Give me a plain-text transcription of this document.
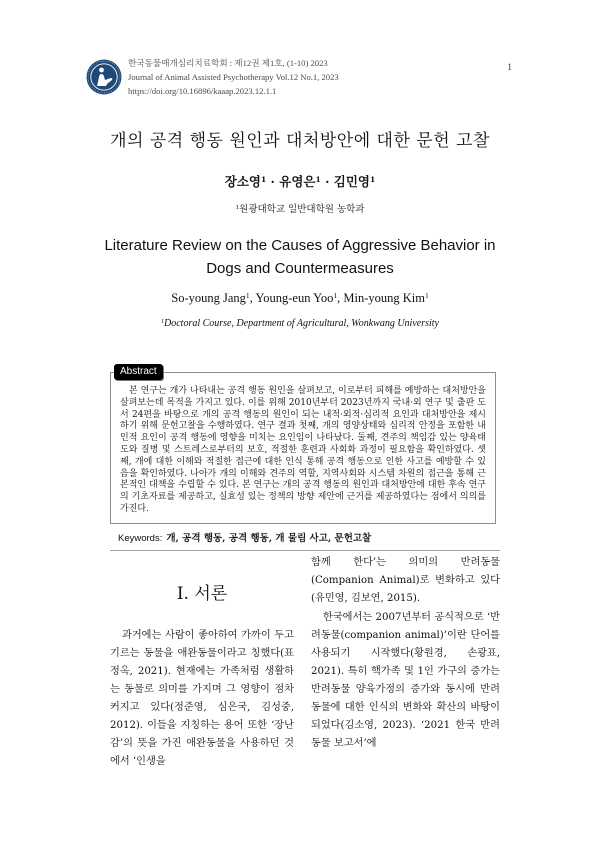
한국동물매개심리치료학회 : 제12권 제1호, (1-10) 2023
Journal of Animal Assisted Psychotherapy Vol.12 No.1, 2023
https://doi.org/10.16896/kaaap.2023.12.1.1
1
개의 공격 행동 원인과 대처방안에 대한 문헌 고찰
장소영$^1$ · 유영은$^1$ · 김민영$^1$
$^1$원광대학교 일반대학원 농학과
Literature Review on the Causes of Aggressive Behavior in Dogs and Countermeasures
So-young Jang$^1$, Young-eun Yoo$^1$, Min-young Kim$^1$
$^1$Doctoral Course, Department of Agricultural, Wonkwang University
Abstract

본 연구는 개가 나타내는 공격 행동 원인을 살펴보고, 이로부터 피해를 예방하는 대처방안을 살펴보는데 목적을 가지고 있다. 이를 위해 2010년부터 2023년까지 국내·외 연구 및 출판 도서 24편을 바탕으로 개의 공격 행동의 원인이 되는 내적·외적·심리적 요인과 대처방안을 제시하기 위해 문헌고찰을 수행하였다. 연구 결과 첫째, 개의 영양상태와 심리적 안정을 포함한 내인적 요인이 공격 행동에 영향을 미치는 요인임이 나타났다. 둘째, 견주의 책임감 있는 양육태도와 질병 및 스트레스로부터의 보호, 적절한 훈련과 사회화 과정이 필요함을 확인하였다. 셋째, 개에 대한 이해와 적절한 접근에 대한 인식 통해 공격 행동으로 인한 사고를 예방할 수 있음을 확인하였다. 나아가 개의 이해와 견주의 역할, 지역사회와 시스템 차원의 접근을 통해 근본적인 대책을 수립할 수 있다. 본 연구는 개의 공격 행동의 원인과 대처방안에 대한 후속 연구의 기초자료를 제공하고, 실효성 있는 정책의 방향 제안에 근거를 제공하였다는 점에서 의의를 가진다.

Keywords: 개, 공격 행동, 공격 행동, 개 물림 사고, 문헌고찰
Ⅰ. 서론

과거에는 사람이 좋아하여 가까이 두고 기르는 동물을 애완동물이라고 칭했다(표정옥, 2021). 현재에는 가족처럼 생활하는 동물로 의미를 가지며 그 영향이 점차 커지고 있다(정준영, 심은국, 김성중, 2012). 이들을 지칭하는 용어 또한 ‘장난감’의 뜻을 가진 애완동물을 사용하던 것에서 ‘인생을

함께 한다’는 의미의 반려동물(Companion Animal)로 변화하고 있다(유민영, 김보연, 2015).

한국에서는 2007년부터 공식적으로 ‘반려동물(companion animal)’이란 단어를 사용되기 시작했다(황원경, 손광표, 2021). 특히 핵가족 및 1인 가구의 증가는 반려동물 양육가정의 증가와 동시에 반려동물에 대한 인식의 변화와 확산의 바탕이 되었다(김소영, 2023). ‘2021 한국 반려동물 보고서’에
